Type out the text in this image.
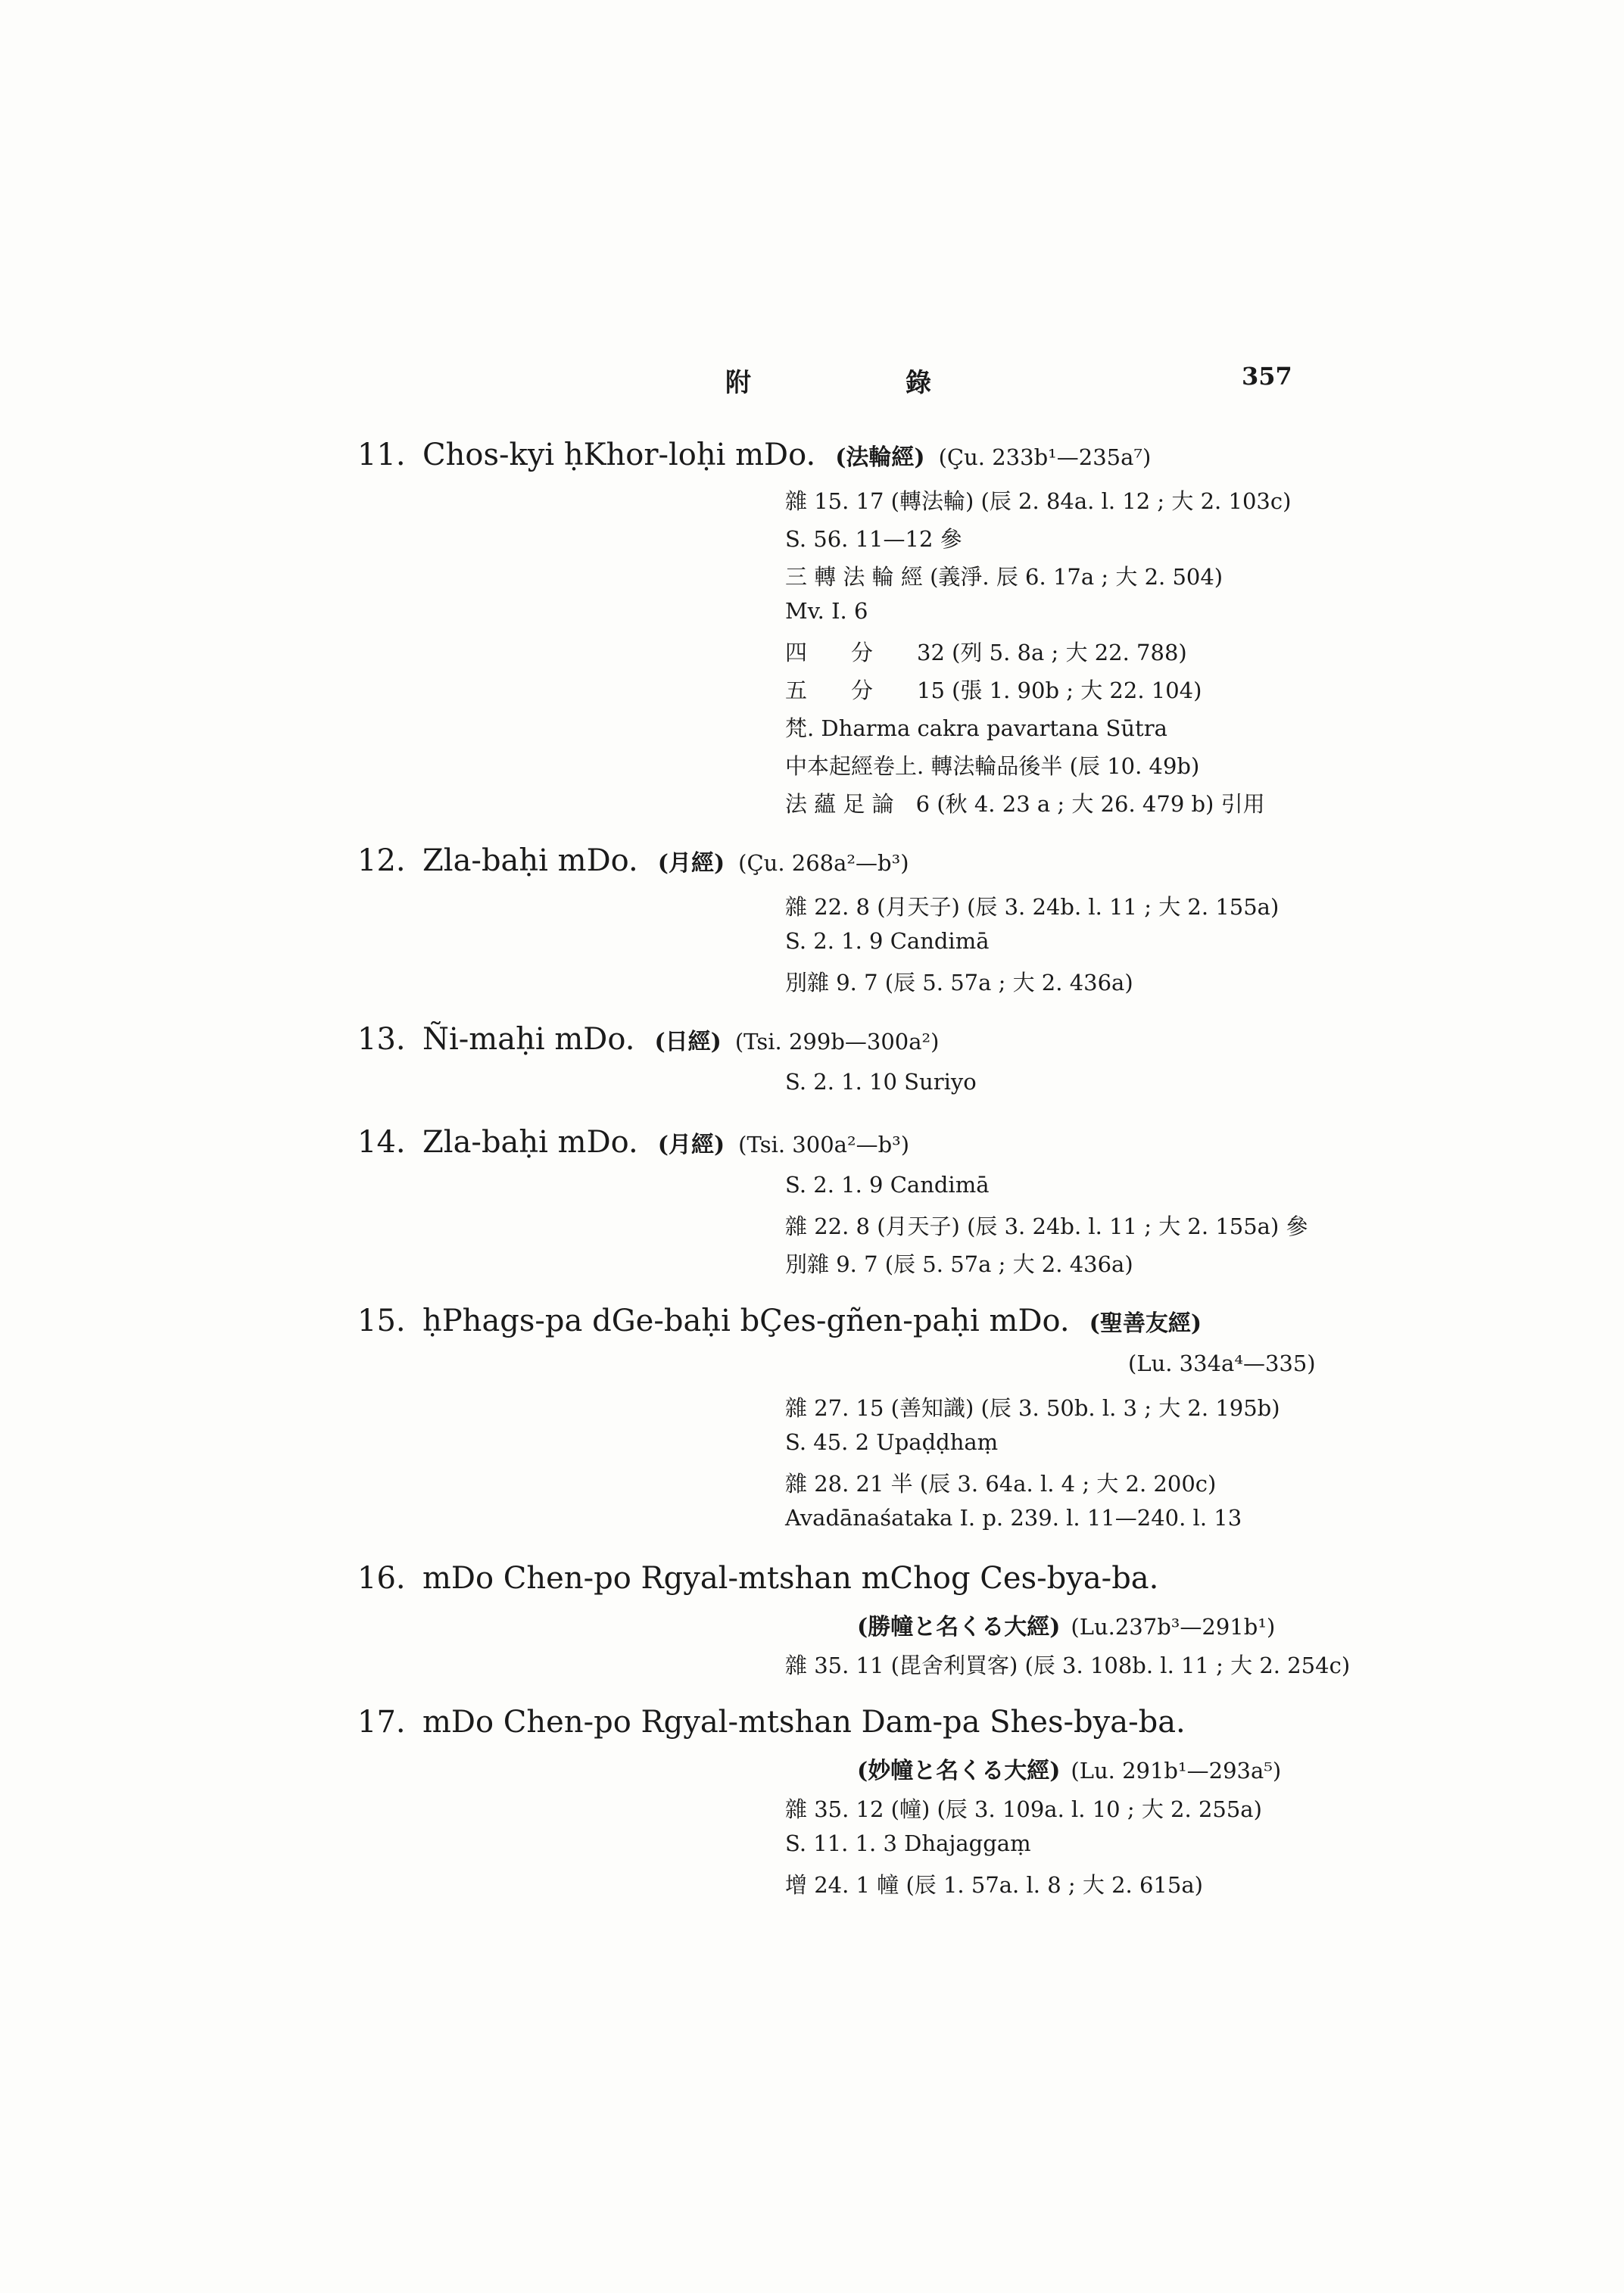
附	錄	357
11. Chos-kyi ḥKhor-loḥi mDo. (法輪經) (Çu. 233b¹—235a⁷)
雜 15. 17 (轉法輪) (辰 2. 84a. l. 12 ; 大 2. 103c)
S. 56. 11—12 參
三 轉 法 輪 經 (義淨. 辰 6. 17a ; 大 2. 504)
Mv. I. 6
四　　分　　32 (列 5. 8a ; 大 22. 788)
五　　分　　15 (張 1. 90b ; 大 22. 104)
梵. Dharma cakra pavartana Sūtra
中本起經卷上. 轉法輪品後半 (辰 10. 49b)
法 蘊 足 論　6 (秋 4. 23 a ; 大 26. 479 b) 引用
12. Zla-baḥi mDo. (月經) (Çu. 268a²—b³)
雜 22. 8 (月天子) (辰 3. 24b. l. 11 ; 大 2. 155a)
S. 2. 1. 9 Candimā
別雜 9. 7 (辰 5. 57a ; 大 2. 436a)
13. Ñi-maḥi mDo. (日經) (Tsi. 299b—300a²)
S. 2. 1. 10 Suriyo
14. Zla-baḥi mDo. (月經) (Tsi. 300a²—b³)
S. 2. 1. 9 Candimā
雜 22. 8 (月天子) (辰 3. 24b. l. 11 ; 大 2. 155a) 參
別雜 9. 7 (辰 5. 57a ; 大 2. 436a)
15. ḥPhags-pa dGe-baḥi bÇes-gñen-paḥi mDo. (聖善友經)
(Lu. 334a⁴—335)
雜 27. 15 (善知識) (辰 3. 50b. l. 3 ; 大 2. 195b)
S. 45. 2 Upaḍḍhaṃ
雜 28. 21 半 (辰 3. 64a. l. 4 ; 大 2. 200c)
Avadānaśataka I. p. 239. l. 11—240. l. 13
16. mDo Chen-po Rgyal-mtshan mChog Ces-bya-ba.
(勝幢と名くる大經) (Lu.237b³—291b¹)
雜 35. 11 (毘舍利買客) (辰 3. 108b. l. 11 ; 大 2. 254c)
17. mDo Chen-po Rgyal-mtshan Dam-pa Shes-bya-ba.
(妙幢と名くる大經) (Lu. 291b¹—293a⁵)
雜 35. 12 (幢) (辰 3. 109a. l. 10 ; 大 2. 255a)
S. 11. 1. 3 Dhajaggaṃ
增 24. 1 幢 (辰 1. 57a. l. 8 ; 大 2. 615a)
